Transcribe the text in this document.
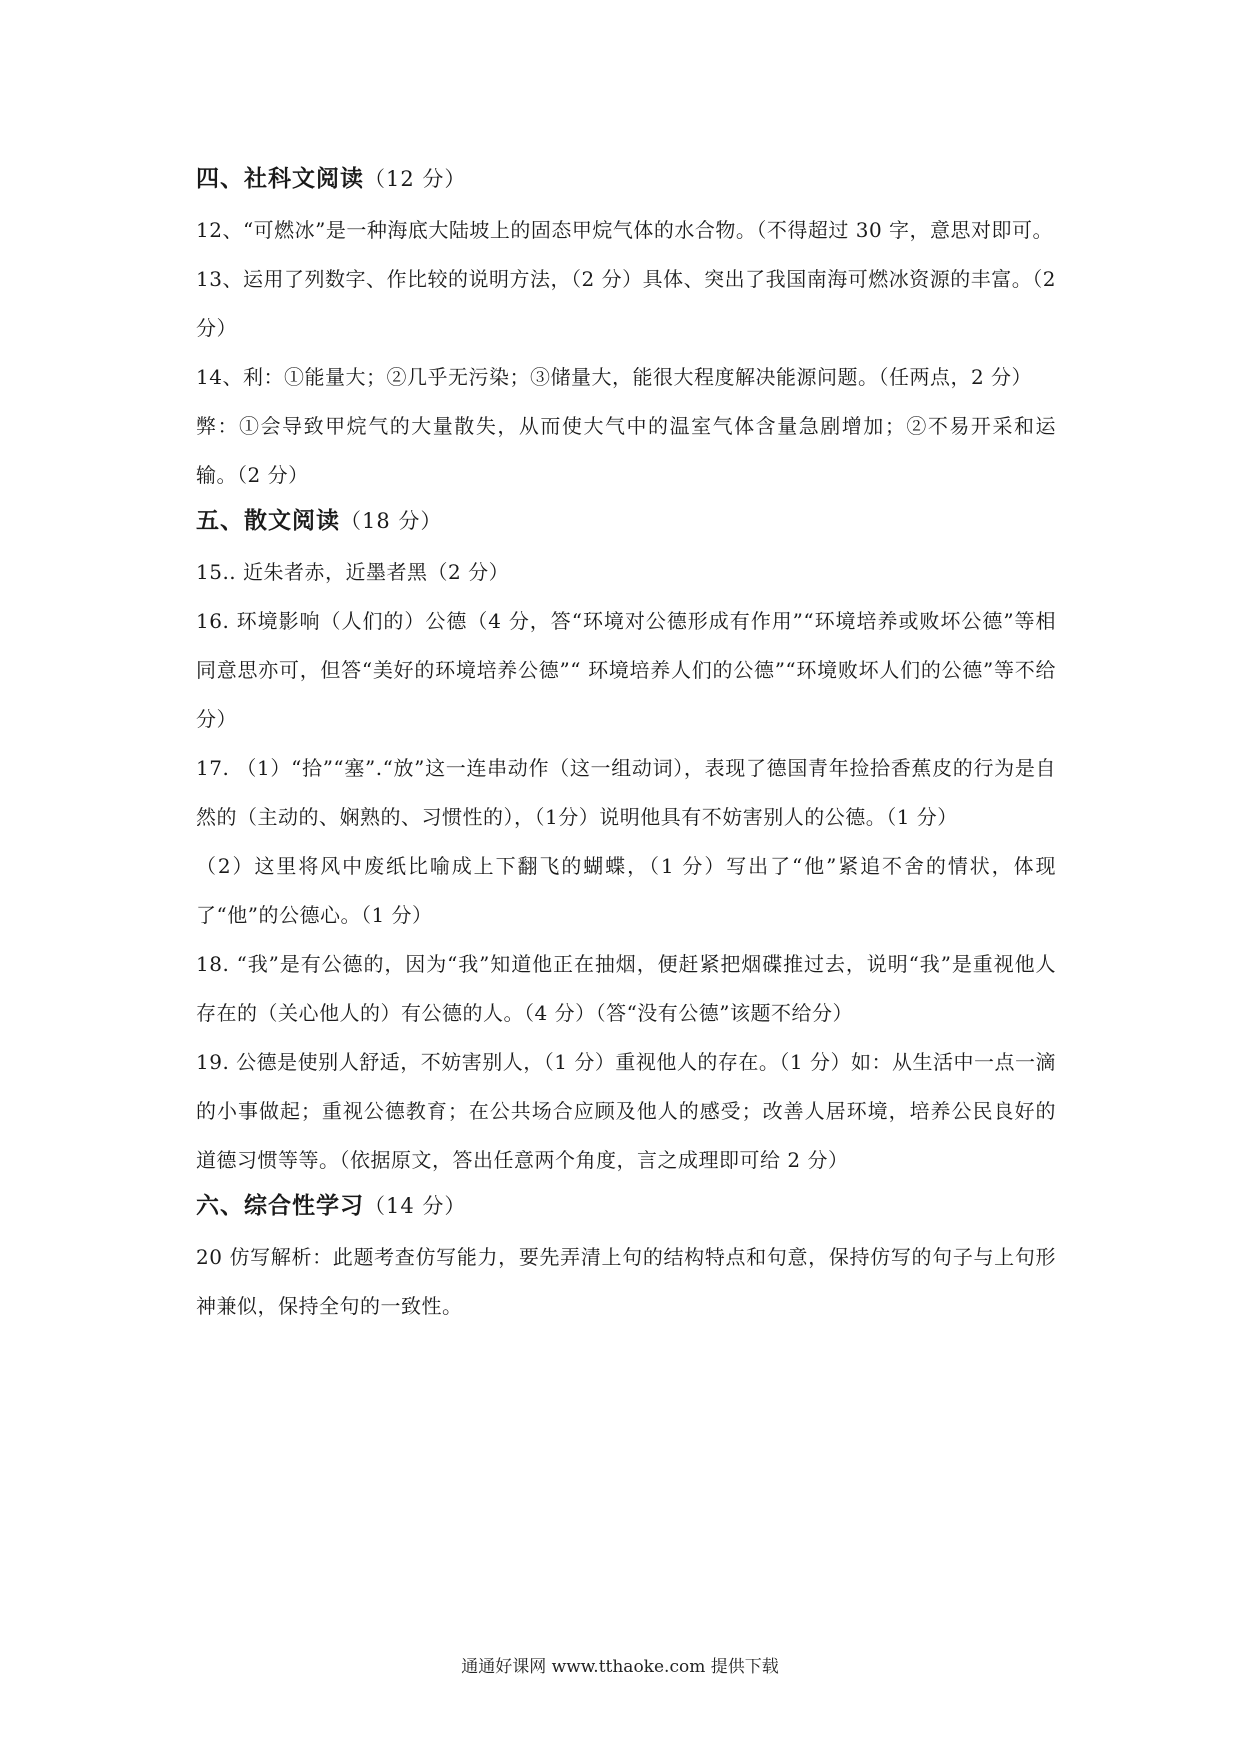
四、社科文阅读（12 分）

12、“可燃冰”是一种海底大陆坡上的固态甲烷气体的水合物。（不得超过 30 字，意思对即可。

13、运用了列数字、作比较的说明方法，（2 分）具体、突出了我国南海可燃冰资源的丰富。（2 分）

14、利：①能量大；②几乎无污染；③储量大，能很大程度解决能源问题。（任两点，2 分）

弊：①会导致甲烷气的大量散失，从而使大气中的温室气体含量急剧增加；②不易开采和运输。（2 分）

五、散文阅读（18 分）

15.. 近朱者赤，近墨者黑（2 分）

16. 环境影响（人们的）公德（4 分，答“环境对公德形成有作用”“环境培养或败坏公德”等相同意思亦可，但答“美好的环境培养公德”“ 环境培养人们的公德”“环境败坏人们的公德”等不给分）

17. （1）“拾”“塞”.“放”这一连串动作（这一组动词），表现了德国青年捡拾香蕉皮的行为是自然的（主动的、娴熟的、习惯性的），（1分）说明他具有不妨害别人的公德。（1 分）

（2）这里将风中废纸比喻成上下翻飞的蝴蝶，（1 分）写出了“他”紧追不舍的情状，体现了“他”的公德心。（1 分）

18. “我”是有公德的，因为“我”知道他正在抽烟，便赶紧把烟碟推过去，说明“我”是重视他人存在的（关心他人的）有公德的人。（4 分）（答“没有公德”该题不给分）

19. 公德是使别人舒适，不妨害别人，（1 分）重视他人的存在。（1 分）如：从生活中一点一滴的小事做起；重视公德教育；在公共场合应顾及他人的感受；改善人居环境，培养公民良好的道德习惯等等。（依据原文，答出任意两个角度，言之成理即可给 2 分）

六、综合性学习（14 分）

20 仿写解析：此题考查仿写能力，要先弄清上句的结构特点和句意，保持仿写的句子与上句形神兼似，保持全句的一致性。

通通好课网 www.tthaoke.com 提供下载
